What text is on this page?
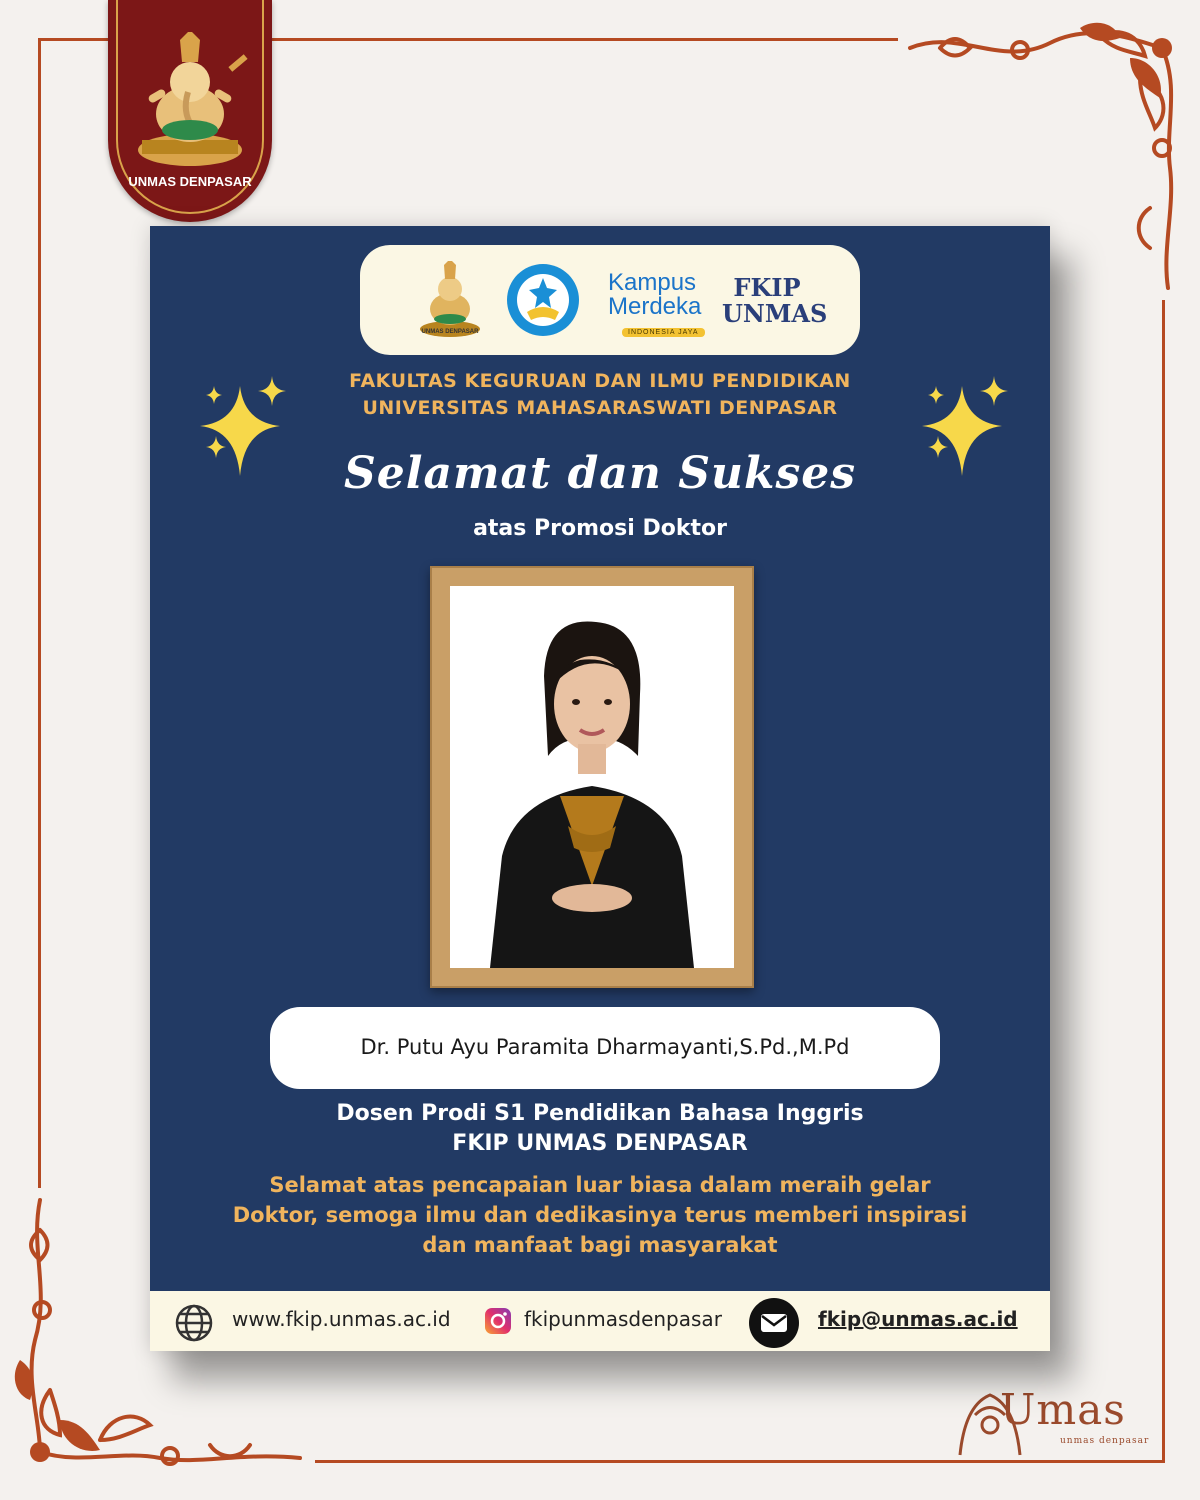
UNMAS DENPASAR
Umas
unmas denpasar
UNMAS DENPASAR
Kampus
Merdeka
INDONESIA JAYA
FKIP
UNMAS
FAKULTAS KEGURUAN DAN ILMU PENDIDIKAN
UNIVERSITAS MAHASARASWATI DENPASAR
Selamat dan Sukses
atas Promosi Doktor
Dr. Putu Ayu Paramita Dharmayanti,S.Pd.,M.Pd
Dosen Prodi S1 Pendidikan Bahasa Inggris
FKIP UNMAS DENPASAR
Selamat atas pencapaian luar biasa dalam meraih gelar
Doktor, semoga ilmu dan dedikasinya terus memberi inspirasi
dan manfaat bagi masyarakat
www.fkip.unmas.ac.id	fkipunmasdenpasar	fkip@unmas.ac.id
